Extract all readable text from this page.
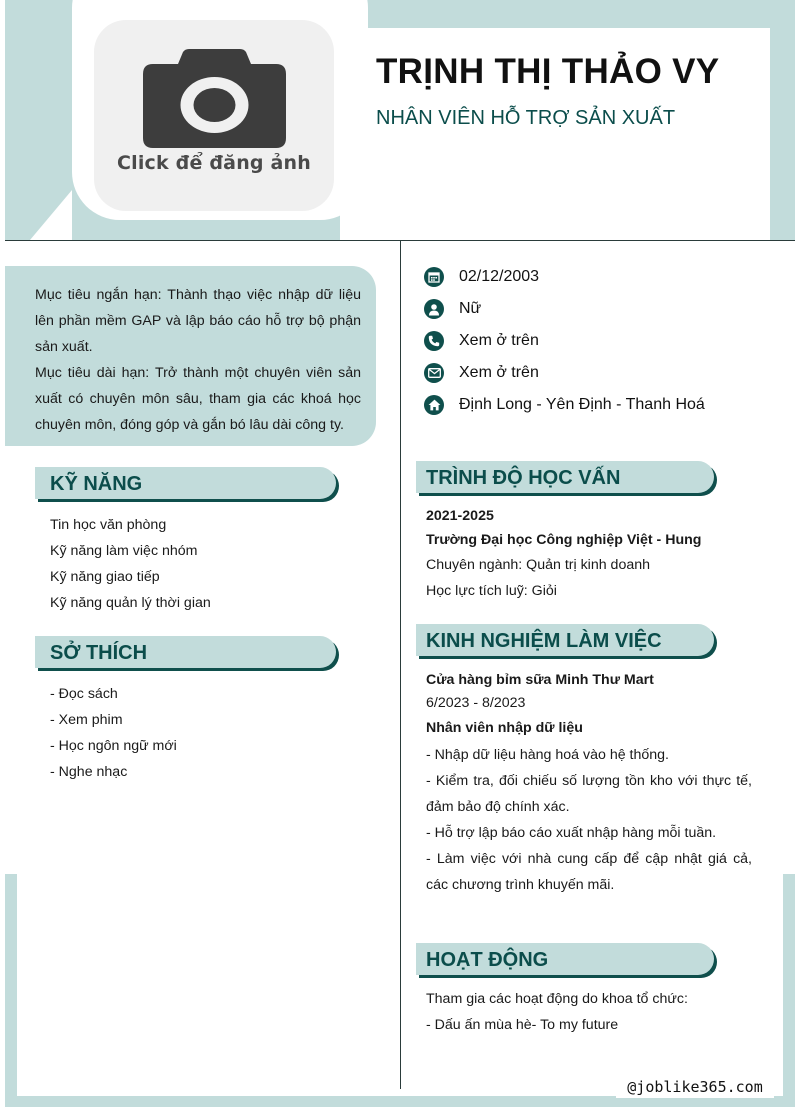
Click để đăng ảnh
TRỊNH THỊ THẢO VY
NHÂN VIÊN HỖ TRỢ SẢN XUẤT

Mục tiêu ngắn hạn: Thành thạo việc nhập dữ liệu lên phần mềm GAP và lập báo cáo hỗ trợ bộ phận sản xuất.

Mục tiêu dài hạn: Trở thành một chuyên viên sản xuất có chuyên môn sâu, tham gia các khoá học chuyên môn, đóng góp và gắn bó lâu dài công ty.

KỸ NĂNG
Tin học văn phòng
Kỹ năng làm việc nhóm
Kỹ năng giao tiếp
Kỹ năng quản lý thời gian
SỞ THÍCH
- Đọc sách
- Xem phim
- Học ngôn ngữ mới
- Nghe nhạc
02/12/2003
Nữ
Xem ở trên
Xem ở trên
Định Long - Yên Định - Thanh Hoá
TRÌNH ĐỘ HỌC VẤN
2021-2025
Trường Đại học Công nghiệp Việt - Hung
Chuyên ngành: Quản trị kinh doanh
Học lực tích luỹ: Giỏi
KINH NGHIỆM LÀM VIỆC
Cửa hàng bỉm sữa Minh Thư Mart
6/2023 - 8/2023
Nhân viên nhập dữ liệu
- Nhập dữ liệu hàng hoá vào hệ thống.
- Kiểm tra, đối chiếu số lượng tồn kho với thực tế, đảm bảo độ chính xác.
- Hỗ trợ lập báo cáo xuất nhập hàng mỗi tuần.
- Làm việc với nhà cung cấp để cập nhật giá cả, các chương trình khuyến mãi.
HOẠT ĐỘNG
Tham gia các hoạt động do khoa tổ chức:
- Dấu ấn mùa hè- To my future
@joblike365.com
